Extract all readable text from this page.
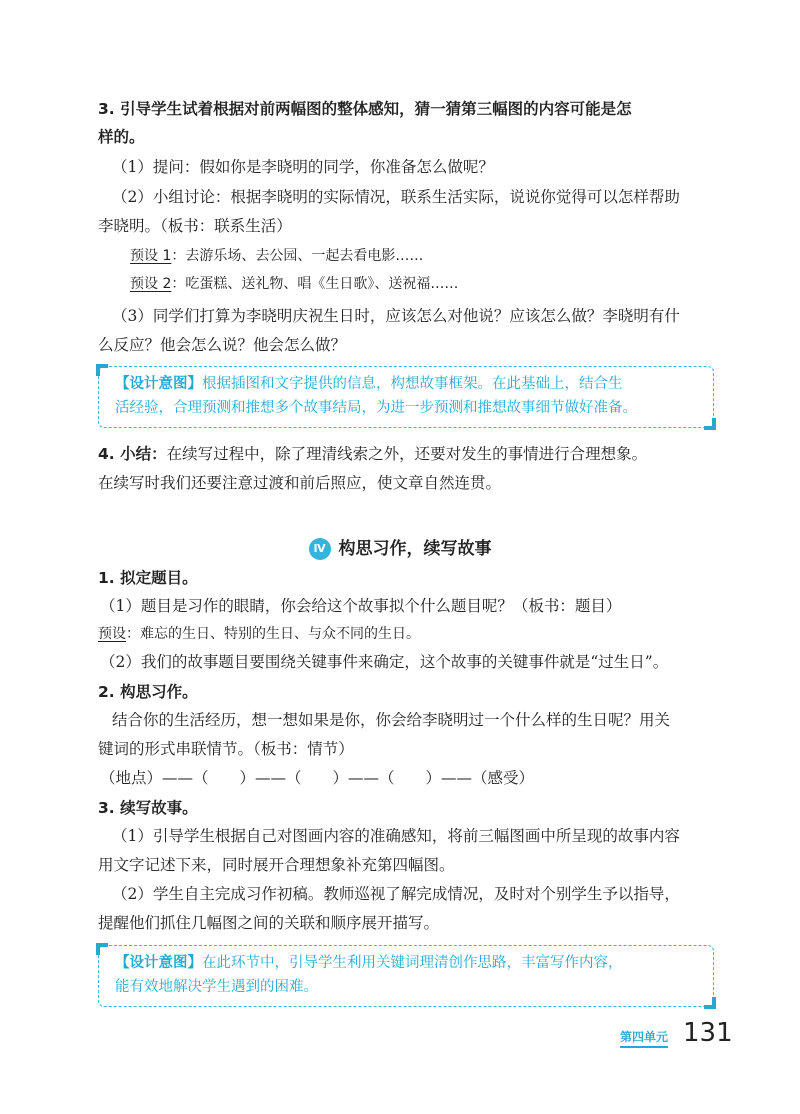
3. 引导学生试着根据对前两幅图的整体感知，猜一猜第三幅图的内容可能是怎
样的。
（1）提问：假如你是李晓明的同学，你准备怎么做呢？
（2）小组讨论：根据李晓明的实际情况，联系生活实际，说说你觉得可以怎样帮助
李晓明。（板书：联系生活）
预设 1：去游乐场、去公园、一起去看电影……
预设 2：吃蛋糕、送礼物、唱《生日歌》、送祝福……
（3）同学们打算为李晓明庆祝生日时，应该怎么对他说？应该怎么做？李晓明有什
么反应？他会怎么说？他会怎么做？
【设计意图】根据插图和文字提供的信息，构想故事框架。在此基础上，结合生
活经验，合理预测和推想多个故事结局，为进一步预测和推想故事细节做好准备。
4. 小结：在续写过程中，除了理清线索之外，还要对发生的事情进行合理想象。
在续写时我们还要注意过渡和前后照应，使文章自然连贯。
Ⅳ 构思习作，续写故事
1. 拟定题目。
（1）题目是习作的眼睛，你会给这个故事拟个什么题目呢？（板书：题目）
预设：难忘的生日、特别的生日、与众不同的生日。
（2）我们的故事题目要围绕关键事件来确定，这个故事的关键事件就是“过生日”。
2. 构思习作。
结合你的生活经历，想一想如果是你，你会给李晓明过一个什么样的生日呢？用关
键词的形式串联情节。（板书：情节）
（地点）——（　　）——（　　）——（　　）——（感受）
3. 续写故事。
（1）引导学生根据自己对图画内容的准确感知，将前三幅图画中所呈现的故事内容
用文字记述下来，同时展开合理想象补充第四幅图。
（2）学生自主完成习作初稿。教师巡视了解完成情况，及时对个别学生予以指导，
提醒他们抓住几幅图之间的关联和顺序展开描写。
【设计意图】在此环节中，引导学生利用关键词理清创作思路，丰富写作内容，
能有效地解决学生遇到的困难。
第四单元 131
